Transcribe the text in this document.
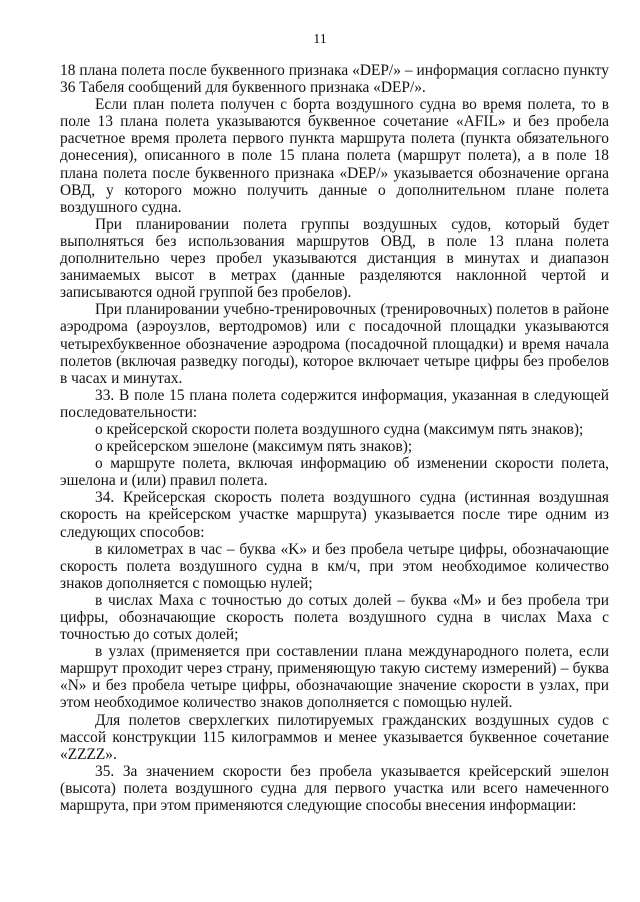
11

18 плана полета после буквенного признака «DEP/» – информация согласно пункту 36 Табеля сообщений для буквенного признака «DEP/».

Если план полета получен с борта воздушного судна во время полета, то в поле 13 плана полета указываются буквенное сочетание «AFIL» и без пробела расчетное время пролета первого пункта маршрута полета (пункта обязательного донесения), описанного в поле 15 плана полета (маршрут полета), а в поле 18 плана полета после буквенного признака «DEP/» указывается обозначение органа ОВД, у которого можно получить данные о дополнительном плане полета воздушного судна.

При планировании полета группы воздушных судов, который будет выполняться без использования маршрутов ОВД, в поле 13 плана полета дополнительно через пробел указываются дистанция в минутах и диапазон занимаемых высот в метрах (данные разделяются наклонной чертой и записываются одной группой без пробелов).

При планировании учебно-тренировочных (тренировочных) полетов в районе аэродрома (аэроузлов, вертодромов) или с посадочной площадки указываются четырехбуквенное обозначение аэродрома (посадочной площадки) и время начала полетов (включая разведку погоды), которое включает четыре цифры без пробелов в часах и минутах.

33. В поле 15 плана полета содержится информация, указанная в следующей последовательности:

о крейсерской скорости полета воздушного судна (максимум пять знаков);

о крейсерском эшелоне (максимум пять знаков);

о маршруте полета, включая информацию об изменении скорости полета, эшелона и (или) правил полета.

34. Крейсерская скорость полета воздушного судна (истинная воздушная скорость на крейсерском участке маршрута) указывается после тире одним из следующих способов:

в километрах в час – буква «K» и без пробела четыре цифры, обозначающие скорость полета воздушного судна в км/ч, при этом необходимое количество знаков дополняется с помощью нулей;

в числах Маха с точностью до сотых долей – буква «M» и без пробела три цифры, обозначающие скорость полета воздушного судна в числах Маха с точностью до сотых долей;

в узлах (применяется при составлении плана международного полета, если маршрут проходит через страну, применяющую такую систему измерений) – буква «N» и без пробела четыре цифры, обозначающие значение скорости в узлах, при этом необходимое количество знаков дополняется с помощью нулей.

Для полетов сверхлегких пилотируемых гражданских воздушных судов с массой конструкции 115 килограммов и менее указывается буквенное сочетание «ZZZZ».

35. За значением скорости без пробела указывается крейсерский эшелон (высота) полета воздушного судна для первого участка или всего намеченного маршрута, при этом применяются следующие способы внесения информации:
